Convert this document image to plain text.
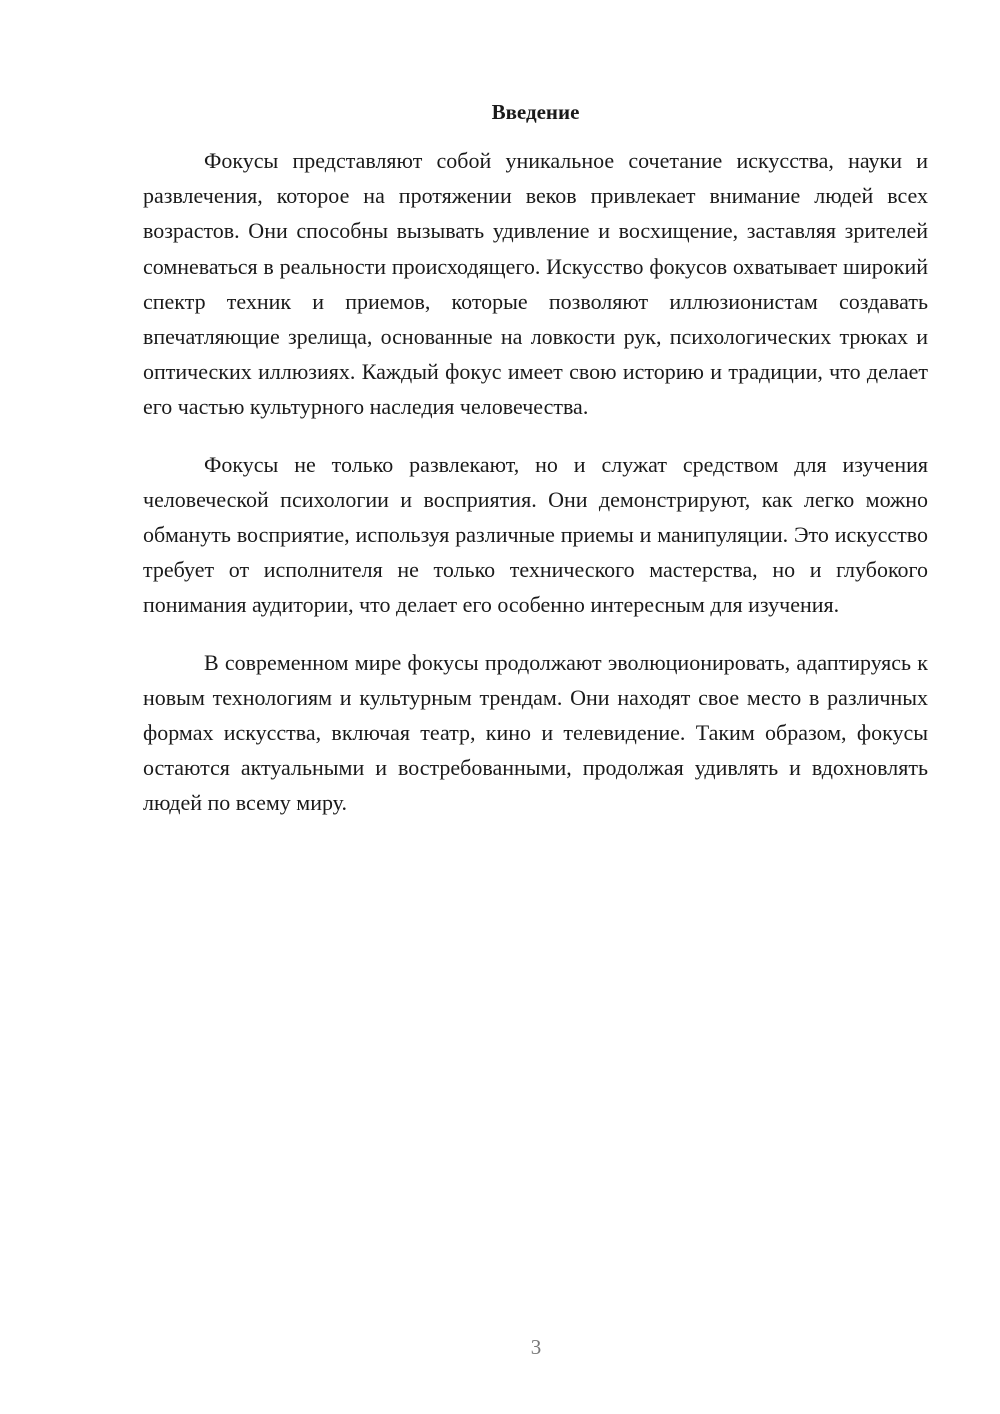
Введение

Фокусы представляют собой уникальное сочетание искусства, науки и развлечения, которое на протяжении веков привлекает внимание людей всех возрастов. Они способны вызывать удивление и восхищение, заставляя зрителей сомневаться в реальности происходящего. Искусство фокусов охватывает широкий спектр техник и приемов, которые позволяют иллюзионистам создавать впечатляющие зрелища, основанные на ловкости рук, психологических трюках и оптических иллюзиях. Каждый фокус имеет свою историю и традиции, что делает его частью культурного наследия человечества.

Фокусы не только развлекают, но и служат средством для изучения человеческой психологии и восприятия. Они демонстрируют, как легко можно обмануть восприятие, используя различные приемы и манипуляции. Это искусство требует от исполнителя не только технического мастерства, но и глубокого понимания аудитории, что делает его особенно интересным для изучения.

В современном мире фокусы продолжают эволюционировать, адаптируясь к новым технологиям и культурным трендам. Они находят свое место в различных формах искусства, включая театр, кино и телевидение. Таким образом, фокусы остаются актуальными и востребованными, продолжая удивлять и вдохновлять людей по всему миру.

3
